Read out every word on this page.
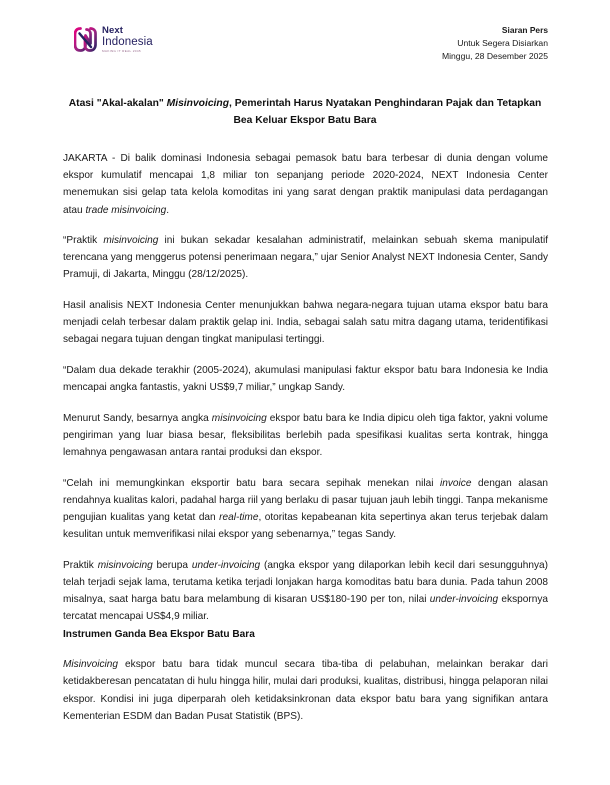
Next
Indonesia
MAKING IT REAL 2045
Siaran Pers
Untuk Segera Disiarkan
Minggu, 28 Desember 2025
Atasi "Akal-akalan" Misinvoicing, Pemerintah Harus Nyatakan Penghindaran Pajak dan Tetapkan Bea Keluar Ekspor Batu Bara

JAKARTA - Di balik dominasi Indonesia sebagai pemasok batu bara terbesar di dunia dengan volume ekspor kumulatif mencapai 1,8 miliar ton sepanjang periode 2020-2024, NEXT Indonesia Center menemukan sisi gelap tata kelola komoditas ini yang sarat dengan praktik manipulasi data perdagangan atau trade misinvoicing.

“Praktik misinvoicing ini bukan sekadar kesalahan administratif, melainkan sebuah skema manipulatif terencana yang menggerus potensi penerimaan negara,” ujar Senior Analyst NEXT Indonesia Center, Sandy Pramuji, di Jakarta, Minggu (28/12/2025).

Hasil analisis NEXT Indonesia Center menunjukkan bahwa negara-negara tujuan utama ekspor batu bara menjadi celah terbesar dalam praktik gelap ini. India, sebagai salah satu mitra dagang utama, teridentifikasi sebagai negara tujuan dengan tingkat manipulasi tertinggi.

“Dalam dua dekade terakhir (2005-2024), akumulasi manipulasi faktur ekspor batu bara Indonesia ke India mencapai angka fantastis, yakni US$9,7 miliar,” ungkap Sandy.

Menurut Sandy, besarnya angka misinvoicing ekspor batu bara ke India dipicu oleh tiga faktor, yakni volume pengiriman yang luar biasa besar, fleksibilitas berlebih pada spesifikasi kualitas serta kontrak, hingga lemahnya pengawasan antara rantai produksi dan ekspor.

“Celah ini memungkinkan eksportir batu bara secara sepihak menekan nilai invoice dengan alasan rendahnya kualitas kalori, padahal harga riil yang berlaku di pasar tujuan jauh lebih tinggi. Tanpa mekanisme pengujian kualitas yang ketat dan real-time, otoritas kepabeanan kita sepertinya akan terus terjebak dalam kesulitan untuk memverifikasi nilai ekspor yang sebenarnya,” tegas Sandy.

Praktik misinvoicing berupa under-invoicing (angka ekspor yang dilaporkan lebih kecil dari sesungguhnya) telah terjadi sejak lama, terutama ketika terjadi lonjakan harga komoditas batu bara dunia. Pada tahun 2008 misalnya, saat harga batu bara melambung di kisaran US$180-190 per ton, nilai under-invoicing ekspornya tercatat mencapai US$4,9 miliar.

Instrumen Ganda Bea Ekspor Batu Bara

Misinvoicing ekspor batu bara tidak muncul secara tiba-tiba di pelabuhan, melainkan berakar dari ketidakberesan pencatatan di hulu hingga hilir, mulai dari produksi, kualitas, distribusi, hingga pelaporan nilai ekspor. Kondisi ini juga diperparah oleh ketidaksinkronan data ekspor batu bara yang signifikan antara Kementerian ESDM dan Badan Pusat Statistik (BPS).
